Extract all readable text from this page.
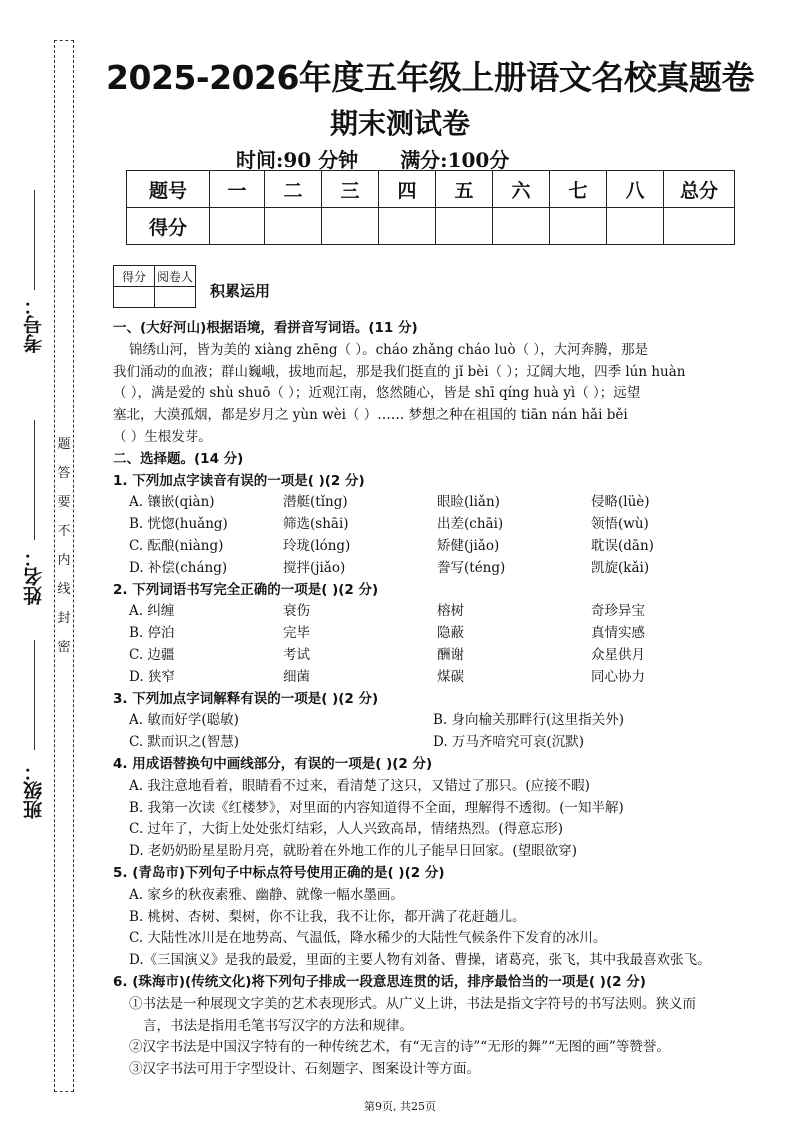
考号：
姓名：
班级：
题
答
要
不
内
线
封
密
2025-2026年度五年级上册语文名校真题卷
期末测试卷
时间:90 分钟 满分:100分
题号	一	二	三	四	五	六	七	八	总分
得分									
得分	阅卷人

积累运用

一、(大好河山)根据语境，看拼音写词语。(11 分)

锦绣山河，皆为美的 xiàng zhēng（ ）。cháo zhǎng cháo luò（ ），大河奔腾，那是

我们涌动的血液；群山巍峨，拔地而起，那是我们挺直的 jǐ bèi（ ）；辽阔大地，四季 lún huàn

（ ），满是爱的 shù shuō（ ）；近观江南，悠然随心，皆是 shī qíng huà yì（ ）；远望

塞北，大漠孤烟，都是岁月之 yùn wèi（ ）…… 梦想之种在祖国的 tiān nán hǎi běi

（ ）生根发芽。

二、选择题。(14 分)

1. 下列加点字读音有误的一项是( )(2 分)

A. 镶嵌(qiàn)	潜艇(tǐng)	眼睑(liǎn)	侵略(lüè)
B. 恍惚(huǎng)	筛选(shāi)	出差(chāi)	领悟(wù)
C. 酝酿(niàng)	玲珑(lóng)	矫健(jiǎo)	耽误(dān)
D. 补偿(cháng)	搅拌(jiǎo)	誊写(téng)	凯旋(kǎi)

2. 下列词语书写完全正确的一项是( )(2 分)

A. 纠缠	衰伤	榕树	奇珍异宝
B. 停泊	完毕	隐蔽	真情实感
C. 边疆	考试	酬谢	众星供月
D. 狭窄	细菌	煤碳	同心协力

3. 下列加点字词解释有误的一项是( )(2 分)

A. 敏而好学(聪敏)	B. 身向榆关那畔行(这里指关外)
C. 默而识之(智慧)	D. 万马齐喑究可哀(沉默)

4. 用成语替换句中画线部分，有误的一项是( )(2 分)

A. 我注意地看着，眼睛看不过来，看清楚了这只，又错过了那只。(应接不暇)

B. 我第一次读《红楼梦》，对里面的内容知道得不全面，理解得不透彻。(一知半解)

C. 过年了，大街上处处张灯结彩，人人兴致高昂，情绪热烈。(得意忘形)

D. 老奶奶盼星星盼月亮，就盼着在外地工作的儿子能早日回家。(望眼欲穿)

5. (青岛市)下列句子中标点符号使用正确的是( )(2 分)

A. 家乡的秋夜素雅、幽静、就像一幅水墨画。

B. 桃树、杏树、梨树，你不让我，我不让你，都开满了花赶趟儿。

C. 大陆性冰川是在地势高、气温低，降水稀少的大陆性气候条件下发育的冰川。

D.《三国演义》是我的最爱，里面的主要人物有刘备、曹操，诸葛亮，张飞，其中我最喜欢张飞。

6. (珠海市)(传统文化)将下列句子排成一段意思连贯的话，排序最恰当的一项是( )(2 分)

①书法是一种展现文字美的艺术表现形式。从广义上讲，书法是指文字符号的书写法则。狭义而

言，书法是指用毛笔书写汉字的方法和规律。

②汉字书法是中国汉字特有的一种传统艺术，有“无言的诗”“无形的舞”“无图的画”等赞誉。

③汉字书法可用于字型设计、石刻题字、图案设计等方面。

第9页, 共25页
